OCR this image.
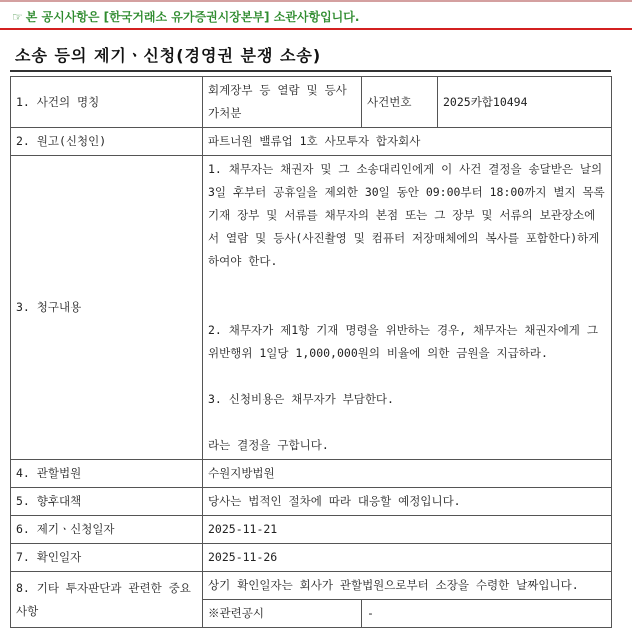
☞ 본 공시사항은 [한국거래소 유가증권시장본부] 소관사항입니다.
소송 등의 제기ㆍ신청(경영권 분쟁 소송)
1. 사건의 명칭	회계장부 등 열람 및 등사 가처분	사건번호	2025카합10494
2. 원고(신청인)	파트너원 밸류업 1호 사모투자 합자회사		
3. 청구내용	1. 채무자는 채권자 및 그 소송대리인에게 이 사건 결정을 송달받은 날의 3일 후부터 공휴일을 제외한 30일 동안 09:00부터 18:00까지 별지 목록 기재 장부 및 서류를 채무자의 본점 또는 그 장부 및 서류의 보관장소에서 열람 및 등사(사진촬영 및 컴퓨터 저장매체에의 복사를 포함한다)하게 하여야 한다.

2. 채무자가 제1항 기재 명령을 위반하는 경우, 채무자는 채권자에게 그 위반행위 1일당 1,000,000원의 비율에 의한 금원을 지급하라.

3. 신청비용은 채무자가 부담한다.

라는 결정을 구합니다.		
4. 관할법원	수원지방법원		
5. 향후대책	당사는 법적인 절차에 따라 대응할 예정입니다.		
6. 제기ㆍ신청일자	2025-11-21		
7. 확인일자	2025-11-26		
8. 기타 투자판단과 관련한 중요사항	상기 확인일자는 회사가 관할법원으로부터 소장을 수령한 날짜입니다.		
	※관련공시	-	
